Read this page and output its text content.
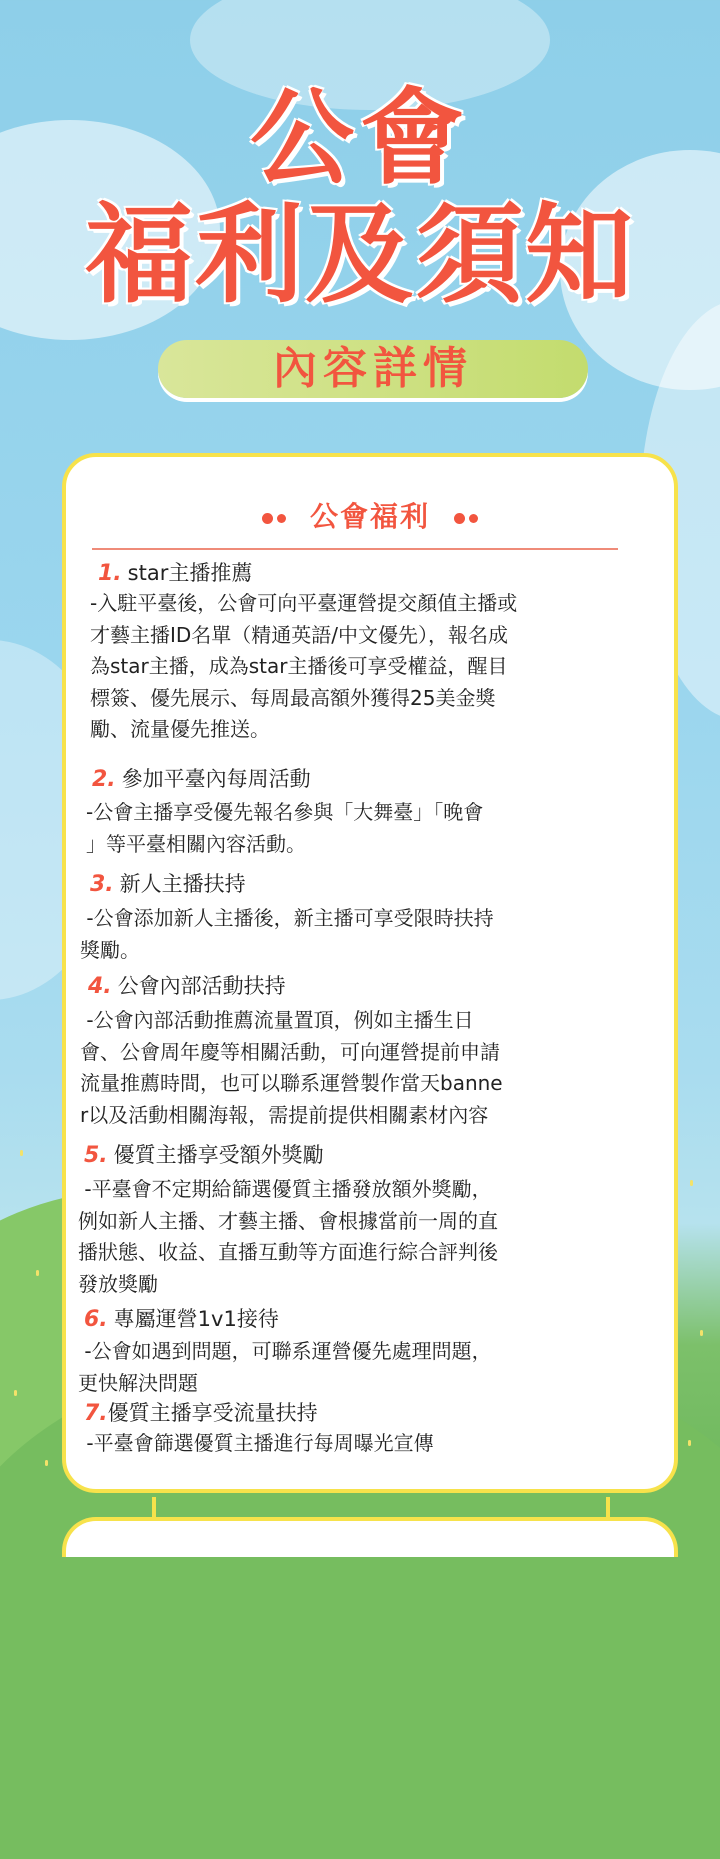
公會
福利及須知
內容詳情
公會福利
1. star主播推薦
-入駐平臺後，公會可向平臺運營提交顏值主播或
才藝主播ID名單（精通英語/中文優先），報名成
為star主播，成為star主播後可享受權益，醒目
標簽、優先展示、每周最高額外獲得25美金獎
勵、流量優先推送。
2. 參加平臺內每周活動
-公會主播享受優先報名參與「大舞臺」「晚會
」等平臺相關內容活動。
3. 新人主播扶持
-公會添加新人主播後，新主播可享受限時扶持
獎勵。
4. 公會內部活動扶持
-公會內部活動推薦流量置頂，例如主播生日
會、公會周年慶等相關活動，可向運營提前申請
流量推薦時間，也可以聯系運營製作當天banne
r以及活動相關海報，需提前提供相關素材內容
5. 優質主播享受額外獎勵
-平臺會不定期給篩選優質主播發放額外獎勵，
例如新人主播、才藝主播、會根據當前一周的直
播狀態、收益、直播互動等方面進行綜合評判後
發放獎勵
6. 專屬運營1v1接待
-公會如遇到問題，可聯系運營優先處理問題，
更快解決問題
7.優質主播享受流量扶持
-平臺會篩選優質主播進行每周曝光宣傳
